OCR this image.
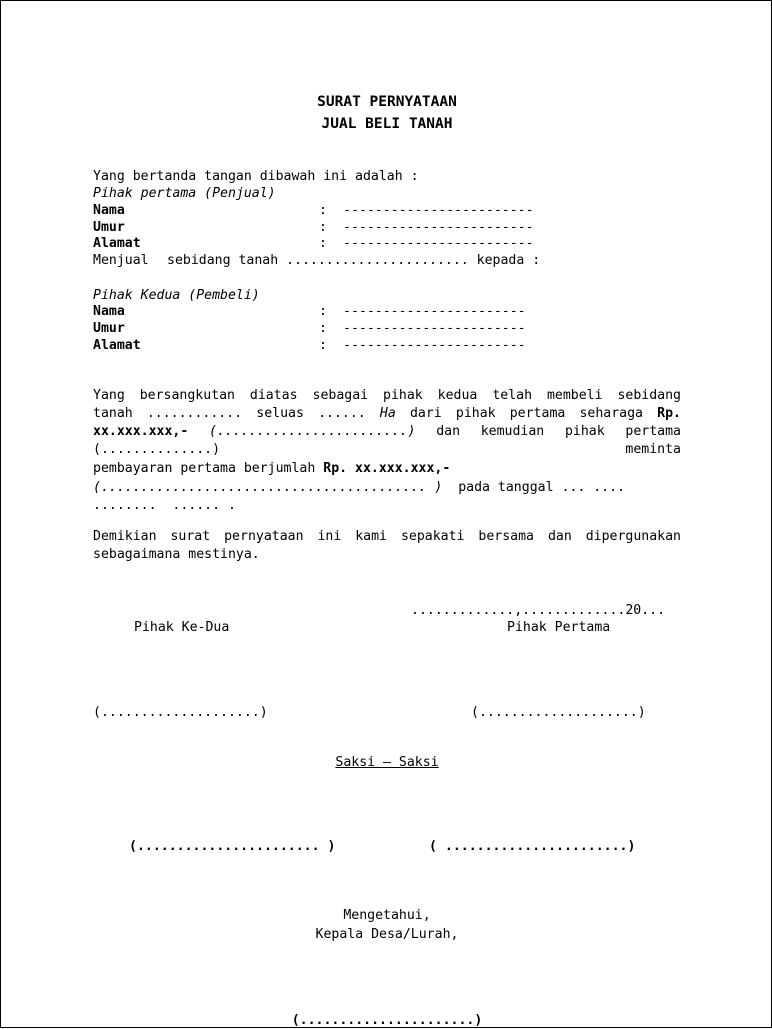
SURAT PERNYATAAN
JUAL BELI TANAH
Yang bertanda tangan dibawah ini adalah :
Pihak pertama (Penjual)
Nama	: ------------------------
Umur	: ------------------------
Alamat	: ------------------------
Menjual sebidang tanah ....................... kepada :
Pihak Kedua (Pembeli)
Nama	: -----------------------
Umur	: -----------------------
Alamat	: -----------------------
Yang bersangkutan diatas sebagai pihak kedua telah membeli sebidang
tanah ............ seluas ...... Ha dari pihak pertama seharaga Rp.
xx.xxx.xxx,- (........................) dan kemudian pihak pertama
(..............)	meminta
pembayaran pertama berjumlah Rp. xx.xxx.xxx,-
(......................................... ) pada tanggal ... ....
........  ...... .
Demikian surat pernyataan ini kami sepakati bersama dan dipergunakan
sebagaimana mestinya.
.............,.............20...
Pihak Ke-Dua	Pihak Pertama
(....................)	(....................)
Saksi – Saksi
(....................... )	( .......................)
Mengetahui,
Kepala Desa/Lurah,
(......................)
